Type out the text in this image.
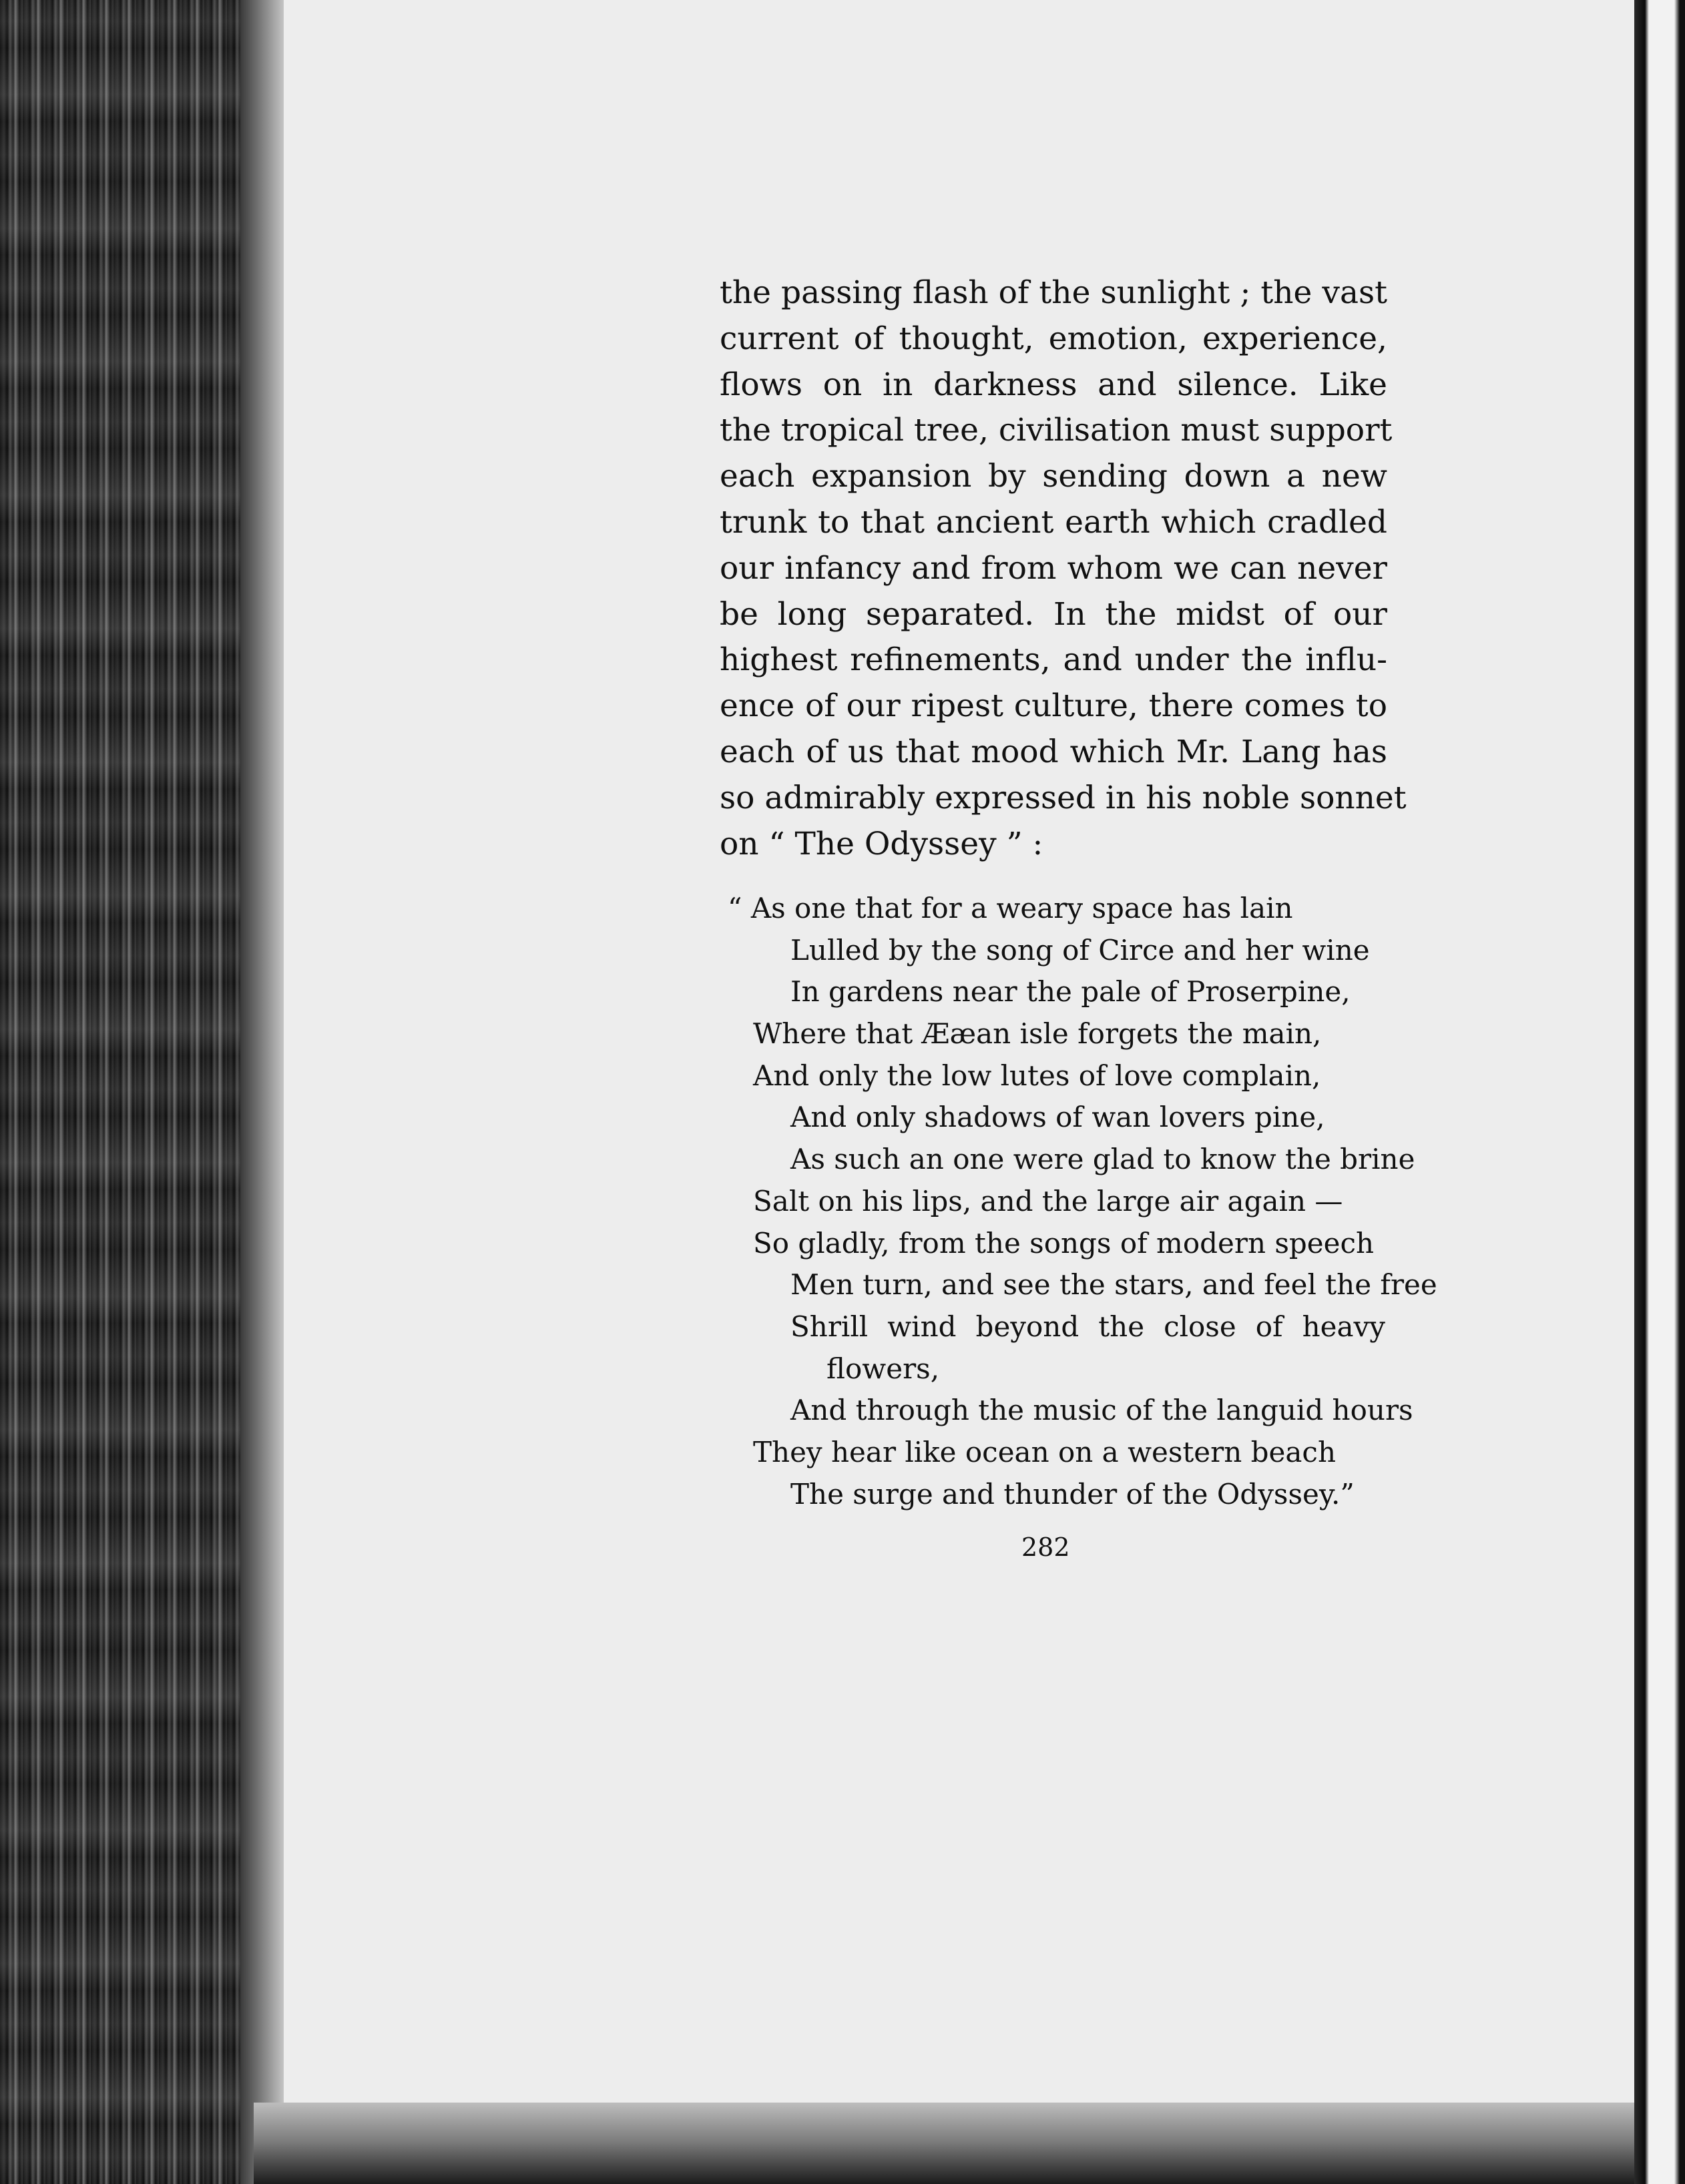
the passing flash of the sunlight ; the vast
current of thought, emotion, experience,
flows on in darkness and silence. Like
the tropical tree, civilisation must support
each expansion by sending down a new
trunk to that ancient earth which cradled
our infancy and from whom we can never
be long separated. In the midst of our
highest refinements, and under the influ-
ence of our ripest culture, there comes to
each of us that mood which Mr. Lang has
so admirably expressed in his noble sonnet
on “ The Odyssey ” :
“ As one that for a weary space has lain
Lulled by the song of Circe and her wine
In gardens near the pale of Proserpine,
Where that Ææan isle forgets the main,
And only the low lutes of love complain,
And only shadows of wan lovers pine,
As such an one were glad to know the brine
Salt on his lips, and the large air again —
So gladly, from the songs of modern speech
Men turn, and see the stars, and feel the free
Shrill wind beyond the close of heavy
flowers,
And through the music of the languid hours
They hear like ocean on a western beach
The surge and thunder of the Odyssey.”
282
